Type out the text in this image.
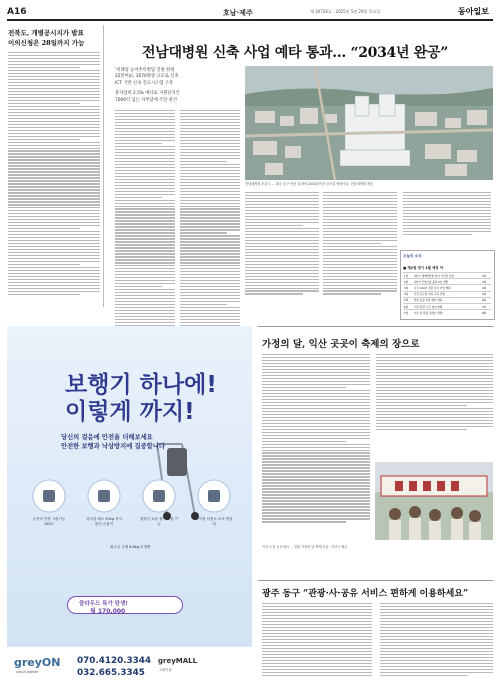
A16	호남·제주	제 30726호 · 2025년 5월 29일 목요일	동아일보
전북도, 개별공시지가 발표
이의신청은 28일까지 가능
전남대병원 신축 사업 예타 통과… “2034년 완공”
‘비례형 농어촌특별법 진원 한래
22만여㎡, 1070병상 규모로 신축
ICT 기반 신속 진료시스템 구축
총사업비 2.5% 예타로 지원단지인
7000억 넘는 자부담에 조달 관건
전남대병원 조감도 … 광주 동구 학동 일대에 2034년까지 들어설 예정이다. 전남대병원 제공
오늘의 소식
■ 제2권 정기 1월 예정 여
1위	제7기 세계박람회 참가 국가관 선정	2회
2위	제7기 산업기술 융합 2호 개발	3회
3위	나주 100년 정원 조성 사업 계획	4회
4위	산림 공무원 대상 교육 진행	5회
5위	반려 동물 문화 행사 개최	6회
6위	기후 환경 시민 참여 계획	7회
7위	여수 섬 관광 콘텐츠 개발	8회
보행기 하나에!
이렇게 까지!
당신의 걸음에 안전을 더해보세요
안전한 보행과 낙상방지에 집중합니다
손목의 안정 그립가능 150도
일어설 때도 50kg 지지 완전 손잡이
접철식 보관 접이 보관 가능
좌석장 다용도 보조 받침대
최고급 주행 6.8kg 초경량
클라우드 특가 탄생!
월 170,000
greyON
cloud walker
070.4120.3344
032.665.3345
greyMALL
그레이몰
가정의 달, 익산 곳곳이 축제의 장으로
익산 도심 곳곳에서 … 열린 가정의 달 축제 모습. 익산시 제공
광주 동구 “관광·사·공유 서비스 편하게 이용하세요”
